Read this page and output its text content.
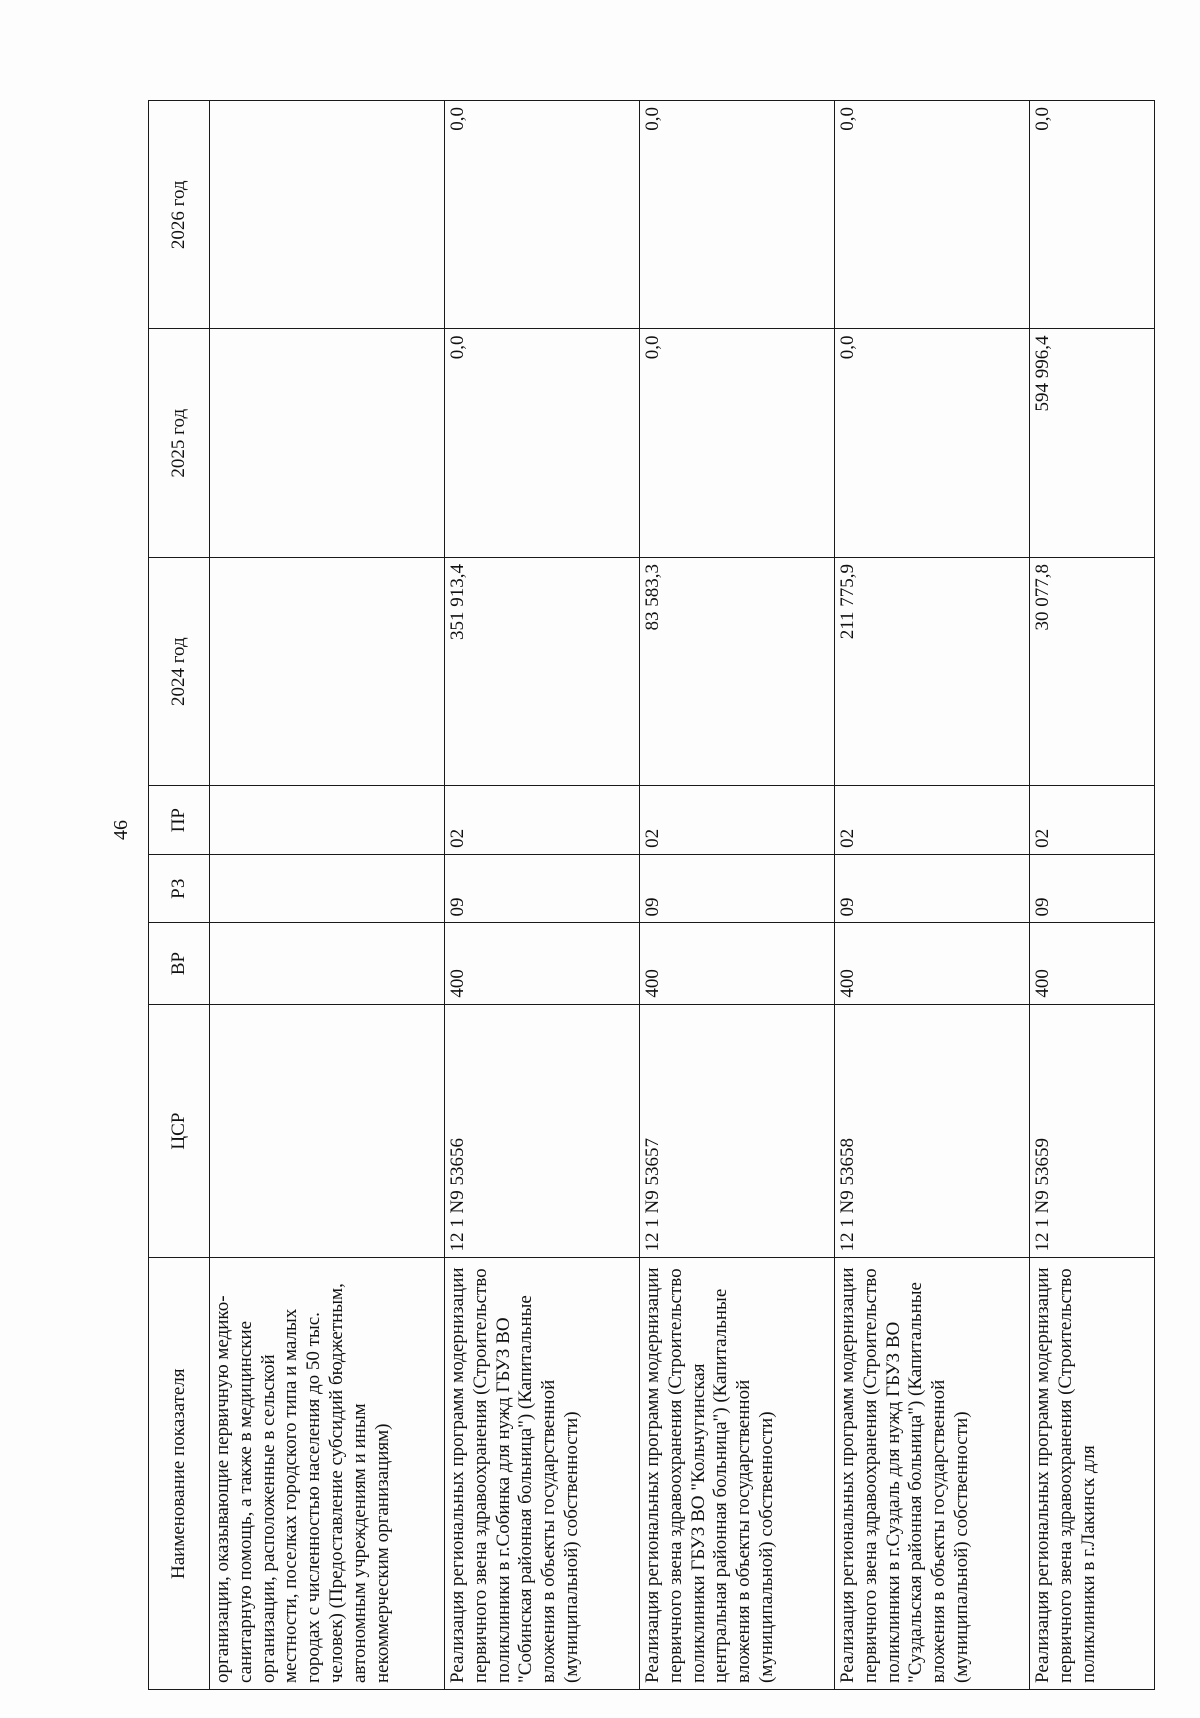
46
Наименование показателя	ЦСР	ВР	РЗ	ПР	2024 год	2025 год	2026 год
организации, оказывающие первичную медико-санитарную помощь, а также в медицинские организации, расположенные в сельской местности, поселках городского типа и малых городах с численностью населения до 50 тыс. человек) (Предоставление субсидий бюджетным, автономным учреждениям и иным некоммерческим организациям)							
Реализация региональных программ модернизации первичного звена здравоохранения (Строительство поликлиники в г.Собинка для нужд ГБУЗ ВО "Собинская районная больница") (Капитальные вложения в объекты государственной (муниципальной) собственности)	12 1 N9 53656	400	09	02	351 913,4	0,0	0,0
Реализация региональных программ модернизации первичного звена здравоохранения (Строительство поликлиники ГБУЗ ВО "Кольчугинская центральная районная больница") (Капитальные вложения в объекты государственной (муниципальной) собственности)	12 1 N9 53657	400	09	02	83 583,3	0,0	0,0
Реализация региональных программ модернизации первичного звена здравоохранения (Строительство поликлиники в г.Суздаль для нужд ГБУЗ ВО "Суздальская районная больница") (Капитальные вложения в объекты государственной (муниципальной) собственности)	12 1 N9 53658	400	09	02	211 775,9	0,0	0,0
Реализация региональных программ модернизации первичного звена здравоохранения (Строительство поликлиники в г.Лакинск для	12 1 N9 53659	400	09	02	30 077,8	594 996,4	0,0
